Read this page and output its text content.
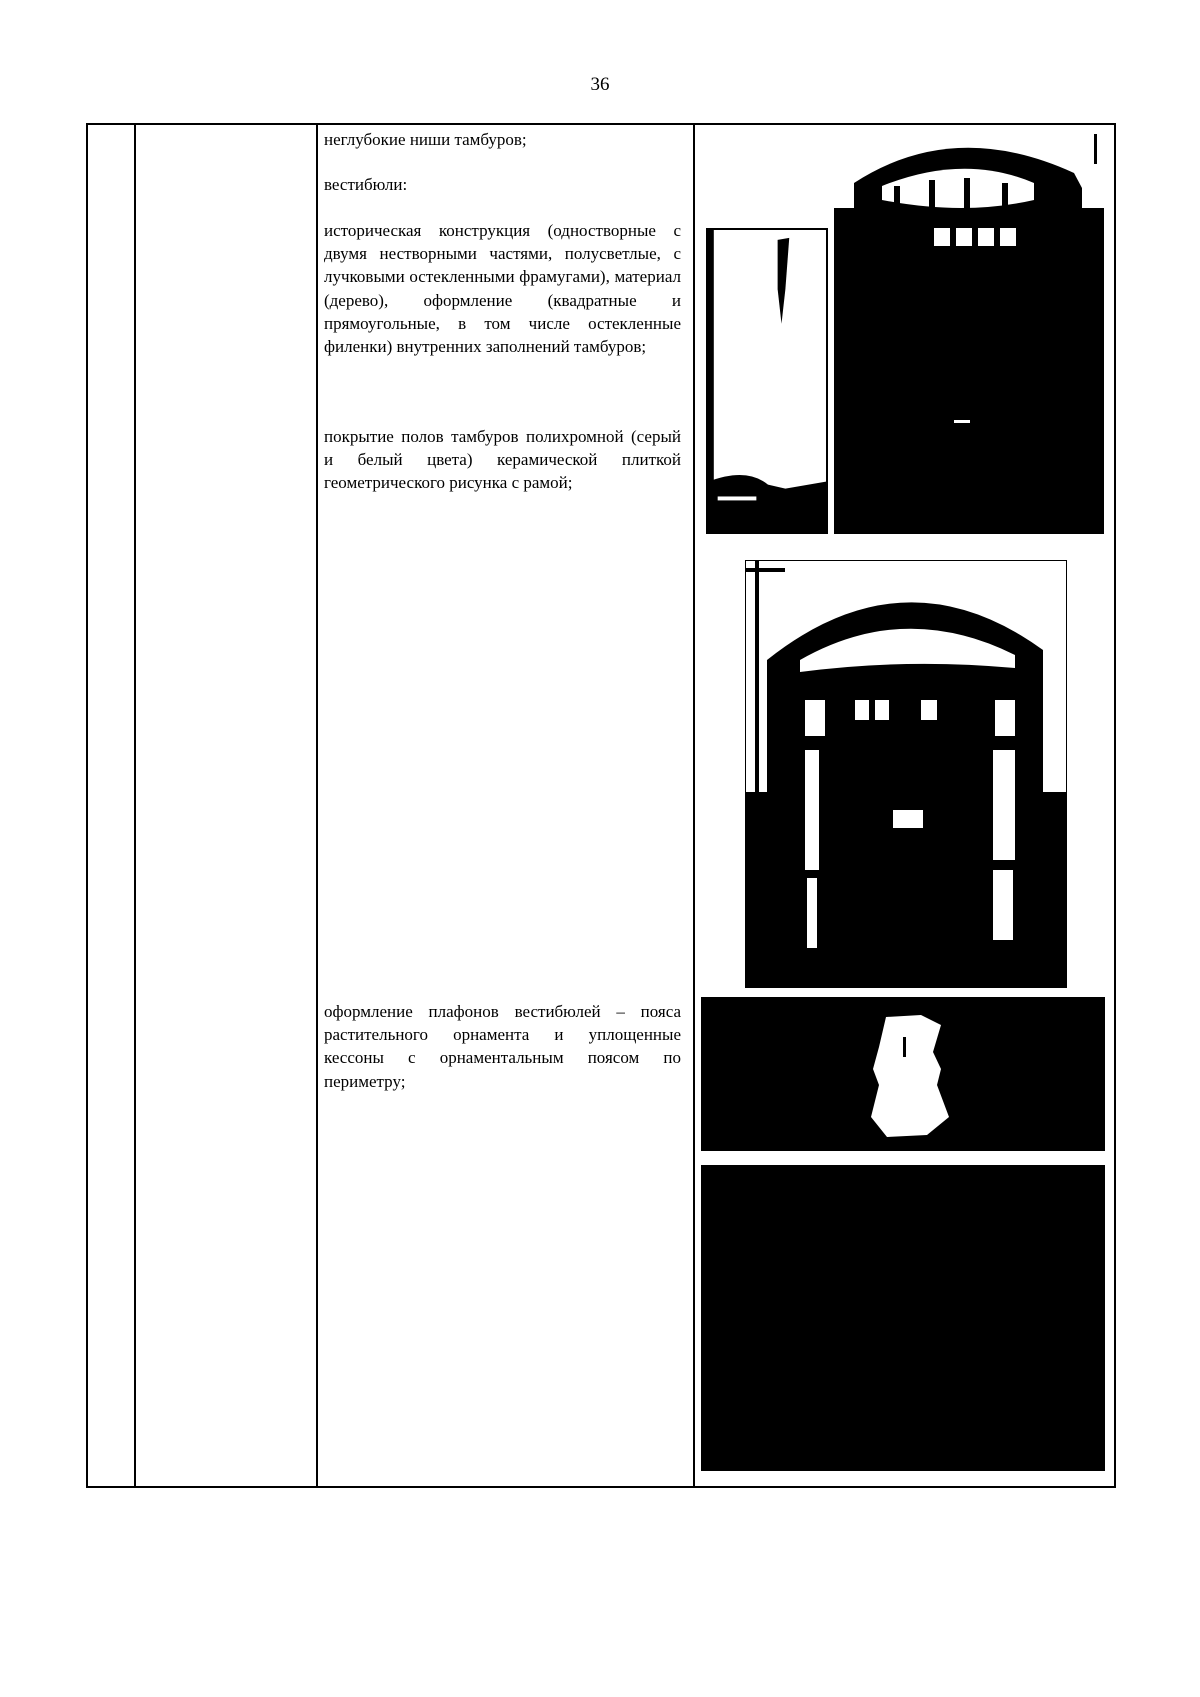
36

неглубокие ниши тамбуров;

вестибюли:

историческая конструкция (одностворные с двумя нестворными частями, полусветлые, с лучковыми остекленными фрамугами), материал (дерево), оформление (квадратные и прямоугольные, в том числе остекленные филенки) внутренних заполнений тамбуров;

покрытие полов тамбуров полихромной (серый и белый цвета) керамической плиткой геометрического рисунка с рамой;

оформление плафонов вестибюлей – пояса растительного орнамента и уплощенные кессоны с орнаментальным поясом по периметру;
